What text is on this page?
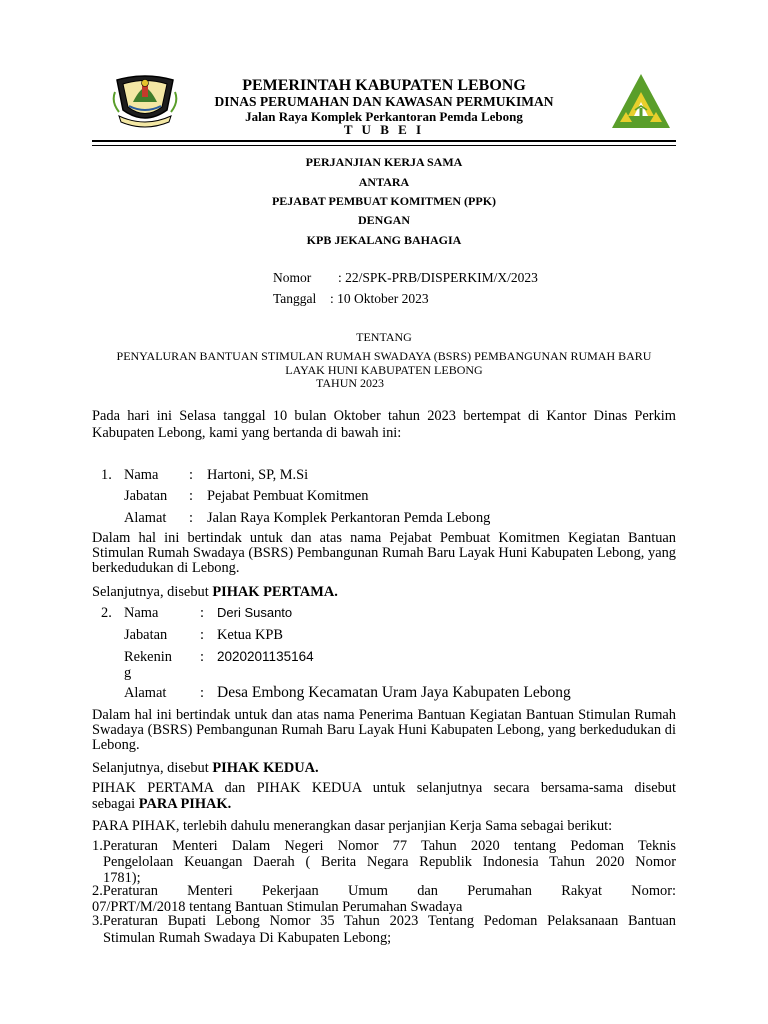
PEMERINTAH KABUPATEN LEBONG
DINAS PERUMAHAN DAN KAWASAN PERMUKIMAN
Jalan Raya Komplek Perkantoran Pemda Lebong
T U B E I
PERJANJIAN KERJA SAMA
ANTARA
PEJABAT PEMBUAT KOMITMEN (PPK)
DENGAN
KPB JEKALANG BAHAGIA
Nomor : 22/SPK-PRB/DISPERKIM/X/2023
Tanggal : 10 Oktober 2023
TENTANG
PENYALURAN BANTUAN STIMULAN RUMAH SWADAYA (BSRS) PEMBANGUNAN RUMAH BARU
LAYAK HUNI KABUPATEN LEBONG
TAHUN 2023
Pada hari ini Selasa tanggal 10 bulan Oktober tahun 2023 bertempat di Kantor Dinas Perkim Kabupaten Lebong, kami yang bertanda di bawah ini:
1. Nama : Hartoni, SP, M.Si
Jabatan : Pejabat Pembuat Komitmen
Alamat : Jalan Raya Komplek Perkantoran Pemda Lebong
Dalam hal ini bertindak untuk dan atas nama Pejabat Pembuat Komitmen Kegiatan Bantuan Stimulan Rumah Swadaya (BSRS) Pembangunan Rumah Baru Layak Huni Kabupaten Lebong, yang berkedudukan di Lebong.
Selanjutnya, disebut PIHAK PERTAMA.
2. Nama	: Deri Susanto
Jabatan : Ketua KPB
Rekenin
g
: 2020201135164
Alamat : Desa Embong Kecamatan Uram Jaya Kabupaten Lebong
Dalam hal ini bertindak untuk dan atas nama Penerima Bantuan Kegiatan Bantuan Stimulan Rumah Swadaya (BSRS) Pembangunan Rumah Baru Layak Huni Kabupaten Lebong, yang berkedudukan di Lebong.
Selanjutnya, disebut PIHAK KEDUA.
PIHAK PERTAMA dan PIHAK KEDUA untuk selanjutnya secara bersama-sama disebut
sebagai PARA PIHAK.
PARA PIHAK, terlebih dahulu menerangkan dasar perjanjian Kerja Sama sebagai berikut:
1.Peraturan Menteri Dalam Negeri Nomor 77 Tahun 2020 tentang Pedoman Teknis
Pengelolaan Keuangan Daerah ( Berita Negara Republik Indonesia Tahun 2020 Nomor
1781);
2.Peraturan Menteri Pekerjaan Umum dan Perumahan Rakyat Nomor:
07/PRT/M/2018 tentang Bantuan Stimulan Perumahan Swadaya
3.Peraturan Bupati Lebong Nomor 35 Tahun 2023 Tentang Pedoman Pelaksanaan Bantuan
Stimulan Rumah Swadaya Di Kabupaten Lebong;
